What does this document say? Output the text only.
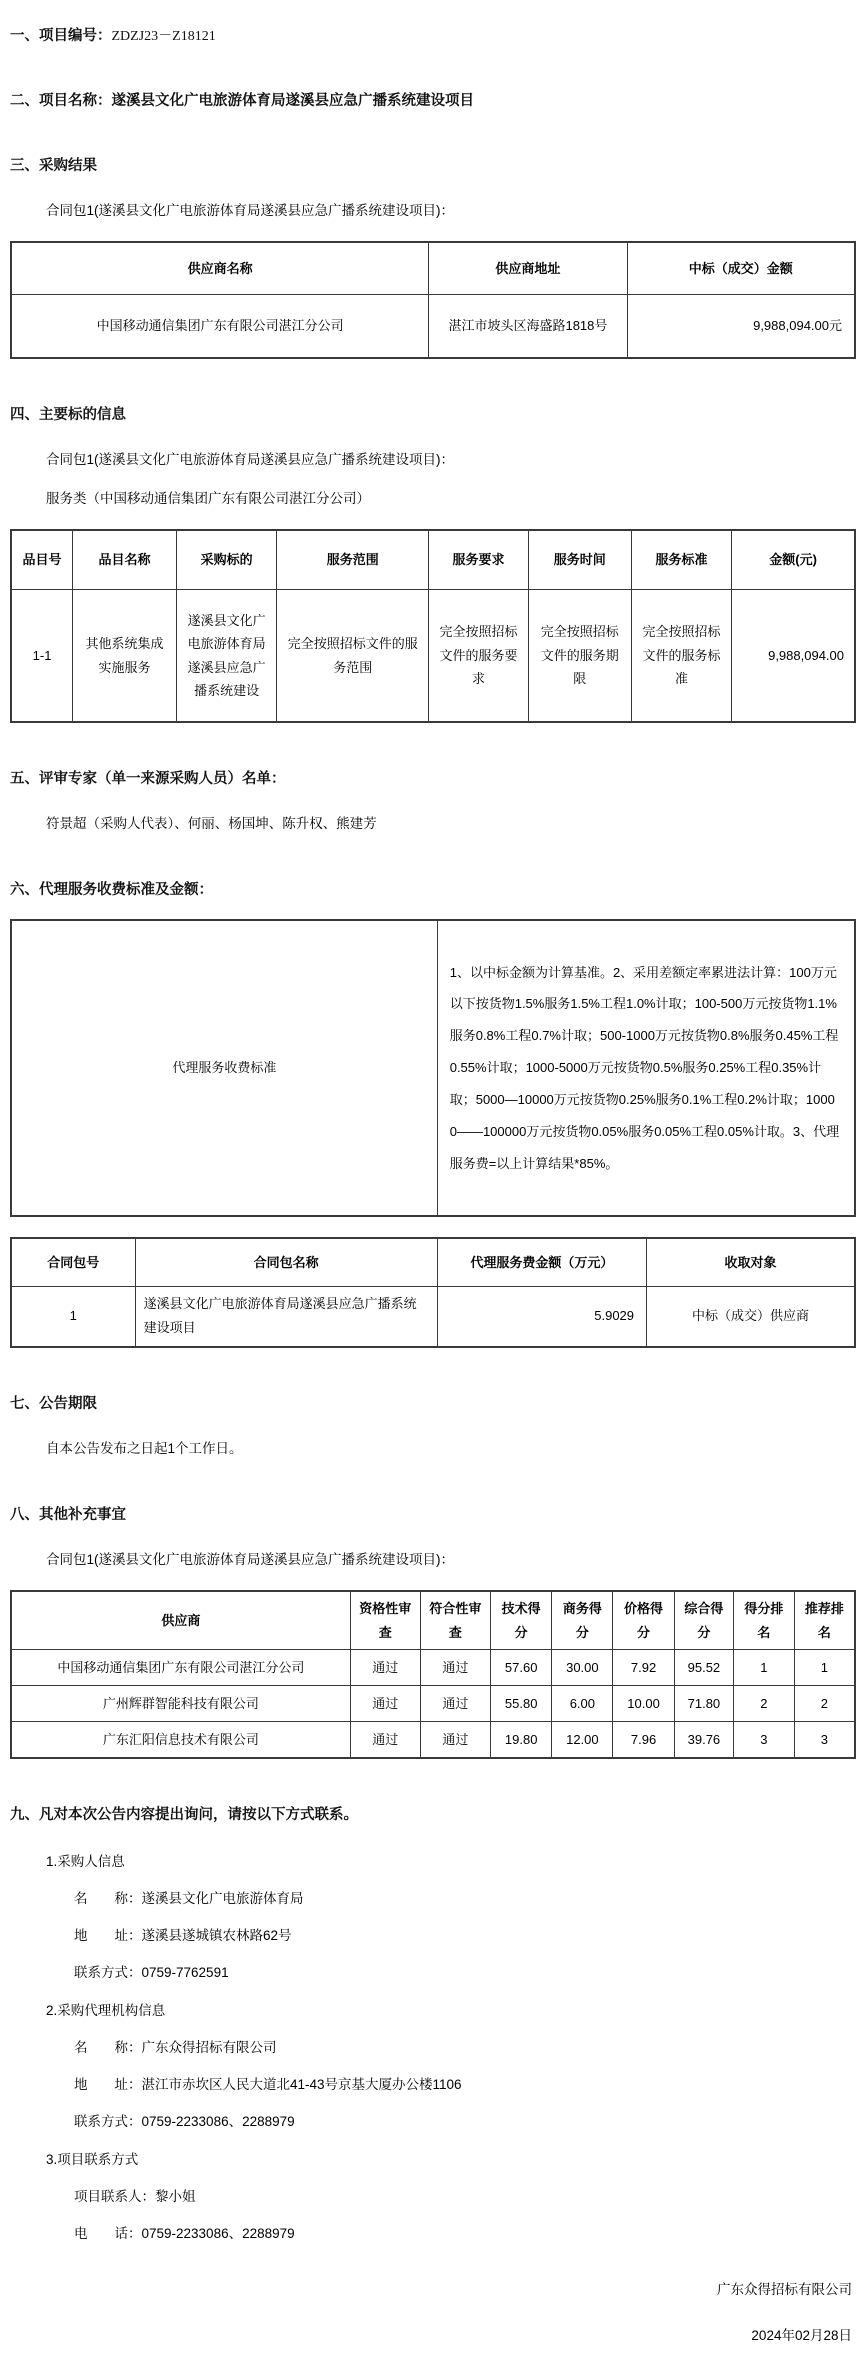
一、项目编号：ZDZJ23－Z18121
二、项目名称：遂溪县文化广电旅游体育局遂溪县应急广播系统建设项目
三、采购结果
合同包1(遂溪县文化广电旅游体育局遂溪县应急广播系统建设项目)：
供应商名称	供应商地址	中标（成交）金额
中国移动通信集团广东有限公司湛江分公司	湛江市坡头区海盛路1818号	9,988,094.00元
四、主要标的信息
合同包1(遂溪县文化广电旅游体育局遂溪县应急广播系统建设项目)：
服务类（中国移动通信集团广东有限公司湛江分公司）
品目号	品目名称	采购标的	服务范围	服务要求	服务时间	服务标准	金额(元)
1-1	其他系统集成实施服务	遂溪县文化广电旅游体育局遂溪县应急广播系统建设	完全按照招标文件的服务范围	完全按照招标文件的服务要求	完全按照招标文件的服务期限	完全按照招标文件的服务标准	9,988,094.00
五、评审专家（单一来源采购人员）名单：
符景超（采购人代表）、何丽、杨国坤、陈升权、熊建芳
六、代理服务收费标准及金额：
代理服务收费标准	1、以中标金额为计算基准。2、采用差额定率累进法计算：100万元以下按货物1.5%服务1.5%工程1.0%计取；100-500万元按货物1.1%服务0.8%工程0.7%计取；500-1000万元按货物0.8%服务0.45%工程0.55%计取；1000-5000万元按货物0.5%服务0.25%工程0.35%计取；5000—10000万元按货物0.25%服务0.1%工程0.2%计取；10000——100000万元按货物0.05%服务0.05%工程0.05%计取。3、代理服务费=以上计算结果*85%。
合同包号	合同包名称	代理服务费金额（万元）	收取对象
1	遂溪县文化广电旅游体育局遂溪县应急广播系统建设项目	5.9029	中标（成交）供应商
七、公告期限
自本公告发布之日起1个工作日。
八、其他补充事宜
合同包1(遂溪县文化广电旅游体育局遂溪县应急广播系统建设项目)：
供应商	资格性审查	符合性审查	技术得分	商务得分	价格得分	综合得分	得分排名	推荐排名
中国移动通信集团广东有限公司湛江分公司	通过	通过	57.60	30.00	7.92	95.52	1	1
广州辉群智能科技有限公司	通过	通过	55.80	6.00	10.00	71.80	2	2
广东汇阳信息技术有限公司	通过	通过	19.80	12.00	7.96	39.76	3	3
九、凡对本次公告内容提出询问，请按以下方式联系。
1.采购人信息
名　　称：遂溪县文化广电旅游体育局
地　　址：遂溪县遂城镇农林路62号
联系方式：0759-7762591
2.采购代理机构信息
名　　称：广东众得招标有限公司
地　　址：湛江市赤坎区人民大道北41-43号京基大厦办公楼1106
联系方式：0759-2233086、2288979
3.项目联系方式
项目联系人：黎小姐
电　　话：0759-2233086、2288979
广东众得招标有限公司
2024年02月28日
